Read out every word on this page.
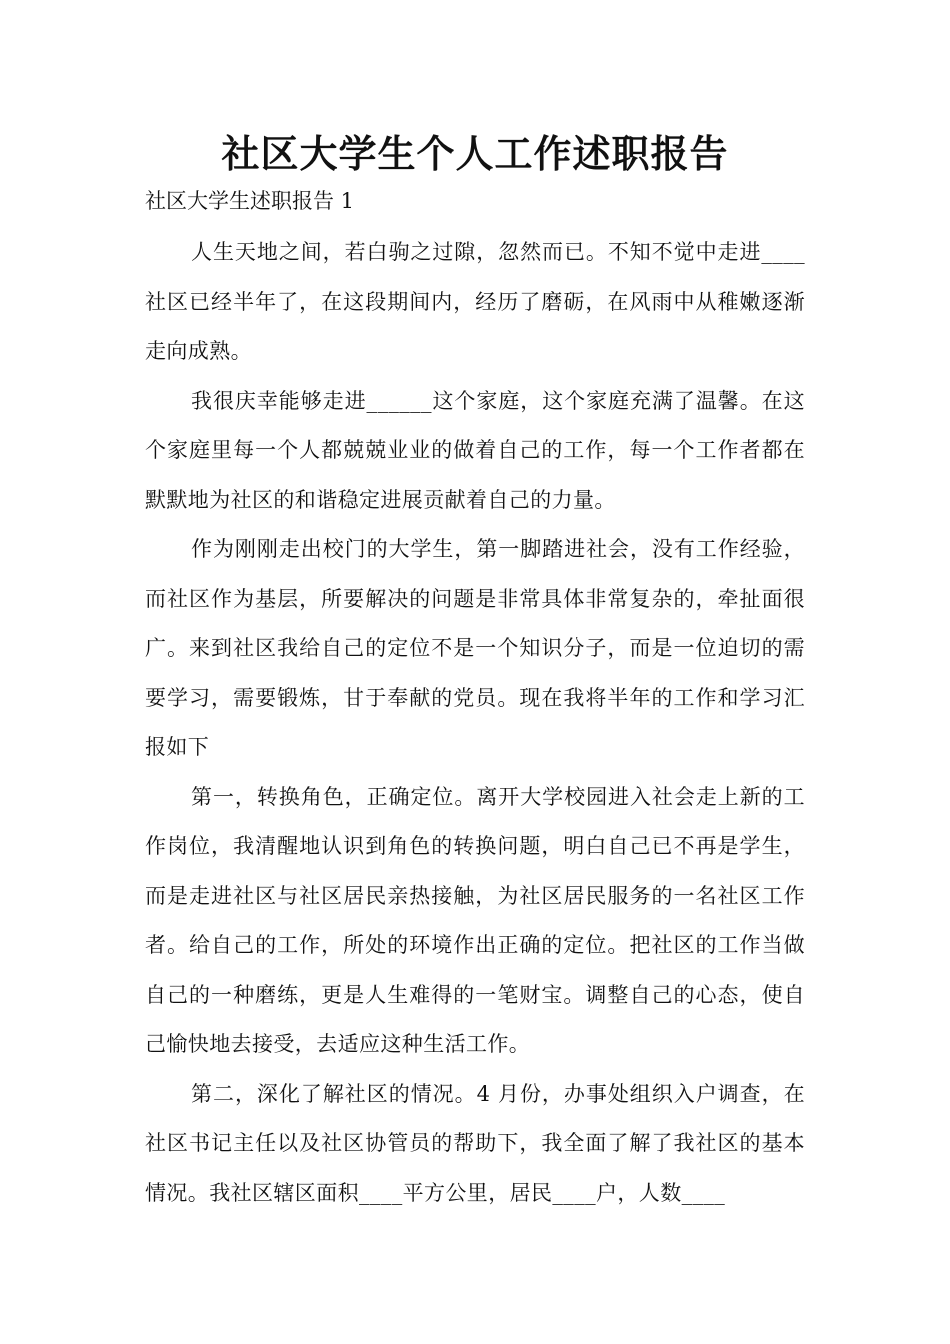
社区大学生个人工作述职报告

社区大学生述职报告 1

人生天地之间，若白驹之过隙，忽然而已。不知不觉中走进____社区已经半年了，在这段期间内，经历了磨砺，在风雨中从稚嫩逐渐走向成熟。

我很庆幸能够走进______这个家庭，这个家庭充满了温馨。在这个家庭里每一个人都兢兢业业的做着自己的工作，每一个工作者都在默默地为社区的和谐稳定进展贡献着自己的力量。

作为刚刚走出校门的大学生，第一脚踏进社会，没有工作经验，而社区作为基层，所要解决的问题是非常具体非常复杂的，牵扯面很广。来到社区我给自己的定位不是一个知识分子，而是一位迫切的需要学习，需要锻炼，甘于奉献的党员。现在我将半年的工作和学习汇报如下

第一，转换角色，正确定位。离开大学校园进入社会走上新的工作岗位，我清醒地认识到角色的转换问题，明白自己已不再是学生，而是走进社区与社区居民亲热接触，为社区居民服务的一名社区工作者。给自己的工作，所处的环境作出正确的定位。把社区的工作当做自己的一种磨练，更是人生难得的一笔财宝。调整自己的心态，使自己愉快地去接受，去适应这种生活工作。

第二，深化了解社区的情况。4 月份，办事处组织入户调查，在社区书记主任以及社区协管员的帮助下，我全面了解了我社区的基本情况。我社区辖区面积____平方公里，居民____户，人数____
